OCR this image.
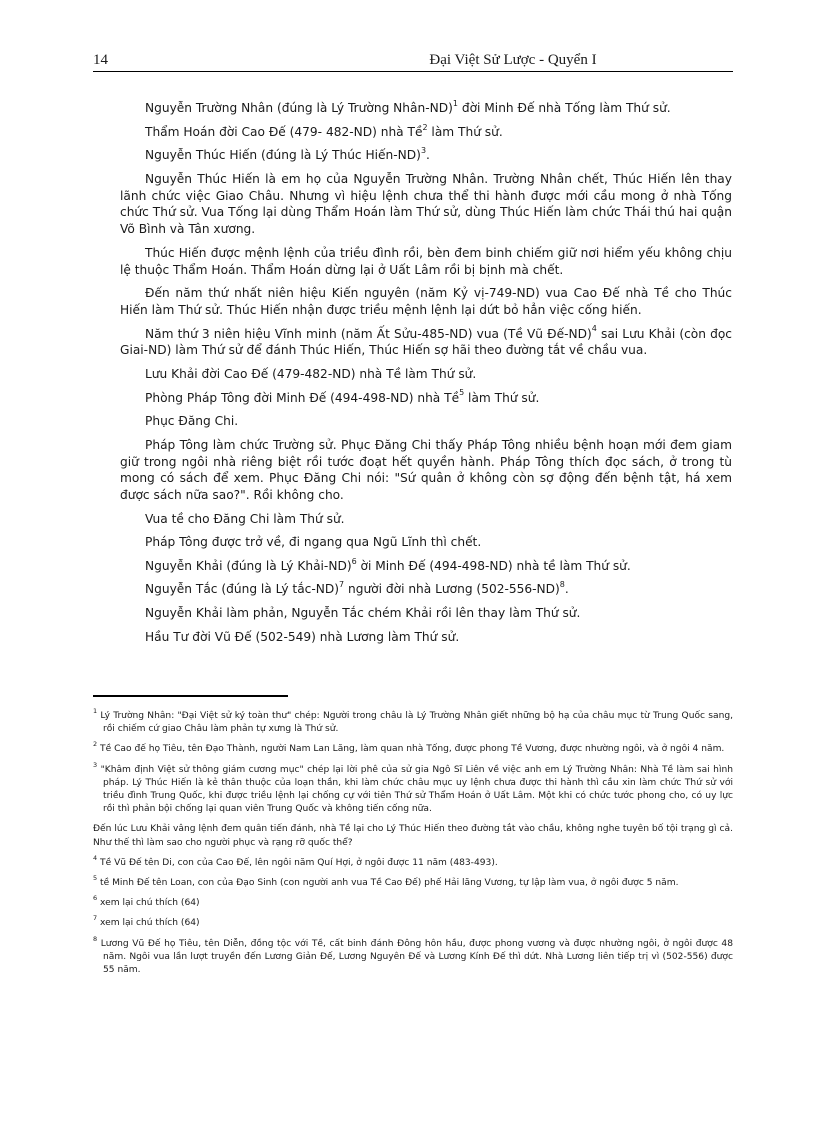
14	Đại Việt Sử Lược - Quyển I

Nguyễn Trường Nhân (đúng là Lý Trường Nhân-ND)$^1$ đời Minh Đế nhà Tống làm Thứ sử.

Thẩm Hoán đời Cao Đế (479- 482-ND) nhà Tề$^2$ làm Thứ sử.

Nguyễn Thúc Hiến (đúng là Lý Thúc Hiến-ND)$^3$.

Nguyễn Thúc Hiến là em họ của Nguyễn Trường Nhân. Trường Nhân chết, Thúc Hiến lên thay lãnh chức việc Giao Châu. Nhưng vì hiệu lệnh chưa thể thi hành được mới cầu mong ở nhà Tống chức Thứ sử. Vua Tống lại dùng Thẩm Hoán làm Thứ sử, dùng Thúc Hiến làm chức Thái thú hai quận Võ Bình và Tân xương.

Thúc Hiến được mệnh lệnh của triều đình rồi, bèn đem binh chiếm giữ nơi hiểm yếu không chịu lệ thuộc Thẩm Hoán. Thẩm Hoán dừng lại ở Uất Lâm rồi bị bịnh mà chết.

Đến năm thứ nhất niên hiệu Kiến nguyên (năm Kỷ vị-749-ND) vua Cao Đế nhà Tề cho Thúc Hiến làm Thứ sử. Thúc Hiến nhận được triều mệnh lệnh lại dứt bỏ hẳn việc cống hiến.

Năm thứ 3 niên hiệu Vĩnh minh (năm Ất Sửu-485-ND) vua (Tề Vũ Đế-ND)$^4$ sai Lưu Khải (còn đọc Giai-ND) làm Thứ sử để đánh Thúc Hiến, Thúc Hiến sợ hãi theo đường tắt về chầu vua.

Lưu Khải đời Cao Đế (479-482-ND) nhà Tề làm Thứ sử.

Phòng Pháp Tông đời Minh Đế (494-498-ND) nhà Tề$^5$ làm Thứ sử.

Phục Đăng Chi.

Pháp Tông làm chức Trường sử. Phục Đăng Chi thấy Pháp Tông nhiều bệnh hoạn mới đem giam giữ trong ngôi nhà riêng biệt rồi tước đoạt hết quyền hành. Pháp Tông thích đọc sách, ở trong tù mong có sách để xem. Phục Đăng Chi nói: "Sứ quân ở không còn sợ động đến bệnh tật, há xem được sách nữa sao?". Rồi không cho.

Vua tề cho Đăng Chi làm Thứ sử.

Pháp Tông được trở về, đi ngang qua Ngũ Lĩnh thì chết.

Nguyễn Khải (đúng là Lý Khải-ND)$^6$ ời Minh Đế (494-498-ND) nhà tề làm Thứ sử.

Nguyễn Tắc (đúng là Lý tắc-ND)$^7$ người đời nhà Lương $(502-556-ND)^8$.

Nguyễn Khải làm phản, Nguyễn Tắc chém Khải rồi lên thay làm Thứ sử.

Hầu Tư đời Vũ Đế (502-549) nhà Lương làm Thứ sử.

$^1$ Lý Trường Nhân: "Đại Việt sử ký toàn thư" chép: Người trong châu là Lý Trường Nhân giết những bộ hạ của châu mục từ Trung Quốc sang, rồi chiếm cứ giao Châu làm phản tự xưng là Thứ sử.

$^2$ Tề Cao đế họ Tiêu, tên Đạo Thành, người Nam Lan Lăng, làm quan nhà Tống, được phong Tề Vương, được nhường ngôi, và ở ngôi 4 năm.

$^3$ "Khâm định Việt sử thông giám cương mục" chép lại lời phê của sử gia Ngô Sĩ Liên về việc anh em Lý Trường Nhân: Nhà Tề làm sai hình pháp. Lý Thúc Hiến là kẻ thân thuộc của loạn thần, khi làm chức châu mục uy lệnh chưa được thi hành thì cầu xin làm chức Thứ sử với triều đình Trung Quốc, khi được triều lệnh lại chống cự với tiên Thứ sử Thẩm Hoán ở Uất Lâm. Một khi có chức tước phong cho, có uy lực rồi thì phản bội chống lại quan viên Trung Quốc và không tiến cống nữa.

Đến lúc Lưu Khải vâng lệnh đem quân tiến đánh, nhà Tề lại cho Lý Thúc Hiến theo đường tắt vào chầu, không nghe tuyên bố tội trạng gì cả. Như thế thì làm sao cho người phục và rạng rỡ quốc thể?

$^4$ Tề Vũ Đế tên Di, con của Cao Đế, lên ngôi năm Quí Hợi, ở ngôi được 11 năm (483-493).

$^5$ tề Minh Đế tên Loan, con của Đạo Sinh (con người anh vua Tề Cao Đế) phế Hải lăng Vương, tự lập làm vua, ở ngôi được 5 năm.

$^6$ xem lại chú thích (64)

$^7$ xem lại chú thích (64)

$^8$ Lương Vũ Đế họ Tiêu, tên Diễn, đồng tộc với Tề, cất binh đánh Đông hôn hầu, được phong vương và được nhường ngôi, ở ngôi được 48 năm. Ngôi vua lần lượt truyền đến Lương Giản Đế, Lương Nguyên Đế và Lương Kính Đế thì dứt. Nhà Lương liên tiếp trị vì (502-556) được 55 năm.
